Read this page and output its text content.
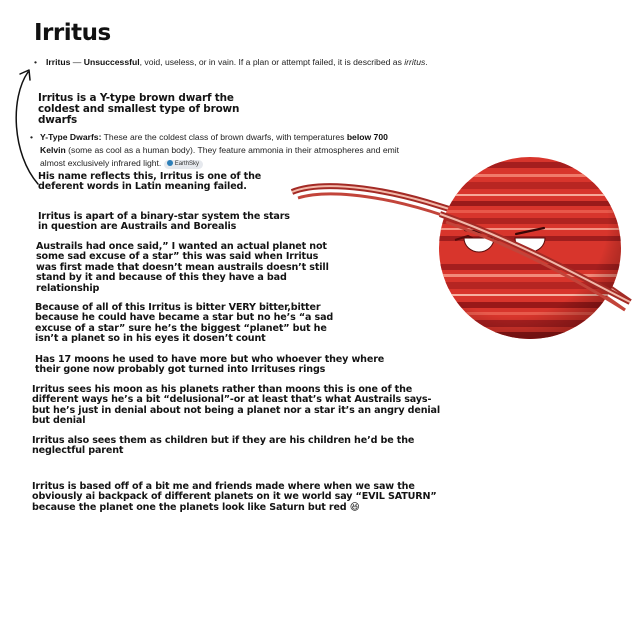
Irritus
• Irritus — Unsuccessful, void, useless, or in vain. If a plan or attempt failed, it is described as irritus.
Irritus is a Y-type brown dwarf the coldest and smallest type of brown dwarfs
• Y-Type Dwarfs: These are the coldest class of brown dwarfs, with temperatures below 700 Kelvin (some as cool as a human body). They feature ammonia in their atmospheres and emit almost exclusively infrared light. EarthSky
His name reflects this, Irritus is one of the deferent words in Latin meaning failed.
Irritus is apart of a binary-star system the stars in question are Austrails and Borealis
Austrails had once said,” I wanted an actual planet not some sad excuse of a star” this was said when Irritus was first made that doesn’t mean austrails doesn’t still stand by it and because of this they have a bad relationship
Because of all of this Irritus is bitter VERY bitter,bitter because he could have became a star but no he’s “a sad excuse of a star” sure he’s the biggest “planet” but he isn’t a planet so in his eyes it dosen’t count
Has 17 moons he used to have more but who whoever they where their gone now probably got turned into Irrituses rings
Irritus sees his moon as his planets rather than moons this is one of the different ways he’s a bit “delusional”-or at least that’s what Austrails says- but he’s just in denial about not being a planet nor a star it’s an angry denial but denial
Irritus also sees them as children but if they are his children he’d be the neglectful parent
Irritus is based off of a bit me and friends made where when we saw the obviously ai backpack of different planets on it we world say “EVIL SATURN” because the planet one the planets look like Saturn but red 😆
